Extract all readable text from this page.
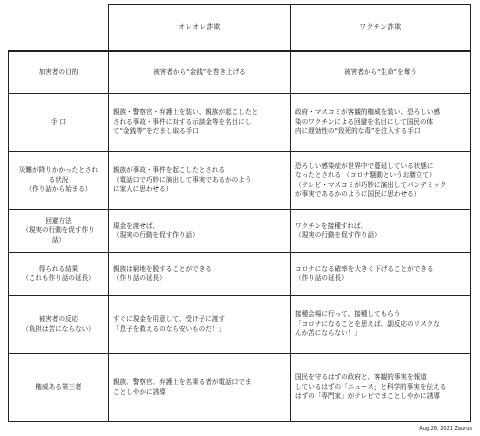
	オレオレ詐欺	ワクチン詐欺

加害者の目的	被害者から“金銭”を巻き上げる	被害者から“生命”を奪う

手 口	親族・警察官・弁護士を装い、親族が起こしたと
される事故・事件に対する示談金等を名目にし
て“金銭等”をだまし取る手口	政府・マスコミが客観的権威を装い、恐ろしい感
染のワクチンによる回避を名目にして国民の体
内に遅効性の“致死的な毒”を注入する手口

災難が降りかかったとされ
る状況
（作り話から始まる）	親族が事故・事件を起こしたとされる
（電話口で巧妙に演出して事実であるかのよう
に家人に思わせる）	恐ろしい感染症が世界中で蔓延している状態に
なったとされる （コロナ騒動というお膳立て）
（テレビ・マスコミが巧妙に演出してパンデミック
が事実であるかのように国民に思わせる）

回避方法
（現実の行動を促す作り
話）	現金を渡せば、
（現実の行動を促す作り話）	ワクチンを接種すれば、
（現実の行動を促す作り話）

得られる結果
（これも作り話の延長）	親族は窮地を脱することができる
（作り話の延長）	コロナになる確率を大きく下げることができる
（作り話の延長）

被害者の反応
（負担は苦にならない）	すぐに現金を用意して、受け子に渡す
「息子を救えるのなら安いものだ！」	接種会場に行って、接種してもらう
「コロナになることを思えば、副反応のリスクな
んか苦にならない！」

権威ある第三者	親族、警察官、弁護士を名乗る者が電話口でま
ことしやかに誘導	国民を守るはずの政府と、客観的事実を報道
しているはずの「ニュース」と科学的事実を伝える
はずの「専門家」がテレビでまことしやかに誘導
Aug.28, 2021 Zaurus
